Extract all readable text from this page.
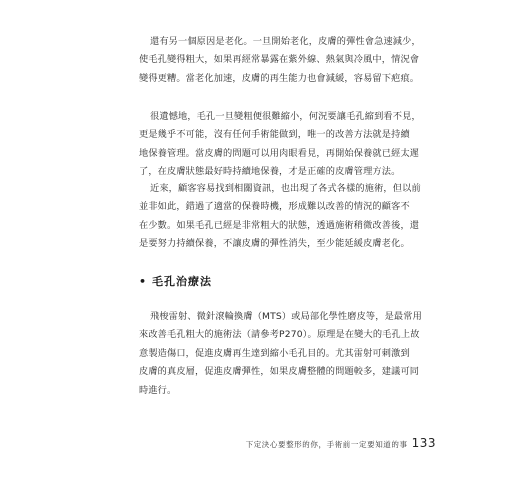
還有另一個原因是老化。一旦開始老化，皮膚的彈性會急速減少，
使毛孔變得粗大，如果再經常暴露在紫外線、熱氣與冷風中，情況會
變得更糟。當老化加速，皮膚的再生能力也會減緩，容易留下疤痕。
很遺憾地，毛孔一旦變粗便很難縮小，何況要讓毛孔縮到看不見，
更是幾乎不可能，沒有任何手術能做到，唯一的改善方法就是持續
地保養管理。當皮膚的問題可以用肉眼看見，再開始保養就已經太遲
了，在皮膚狀態最好時持續地保養，才是正確的皮膚管理方法。
近來，顧客容易找到相關資訊，也出現了各式各樣的施術，但以前
並非如此，錯過了適當的保養時機，形成難以改善的情況的顧客不
在少數。如果毛孔已經是非常粗大的狀態，透過施術稍微改善後，還
是要努力持續保養，不讓皮膚的彈性消失，至少能延緩皮膚老化。
• 毛孔治療法
飛梭雷射、微針滾輪換膚（MTS）或局部化學性磨皮等，是最常用
來改善毛孔粗大的施術法（請參考P270）。原理是在變大的毛孔上故
意製造傷口，促進皮膚再生達到縮小毛孔目的。尤其雷射可刺激到
皮膚的真皮層，促進皮膚彈性，如果皮膚整體的問題較多，建議可同
時進行。
下定決心要整形的你，手術前一定要知道的事 133
